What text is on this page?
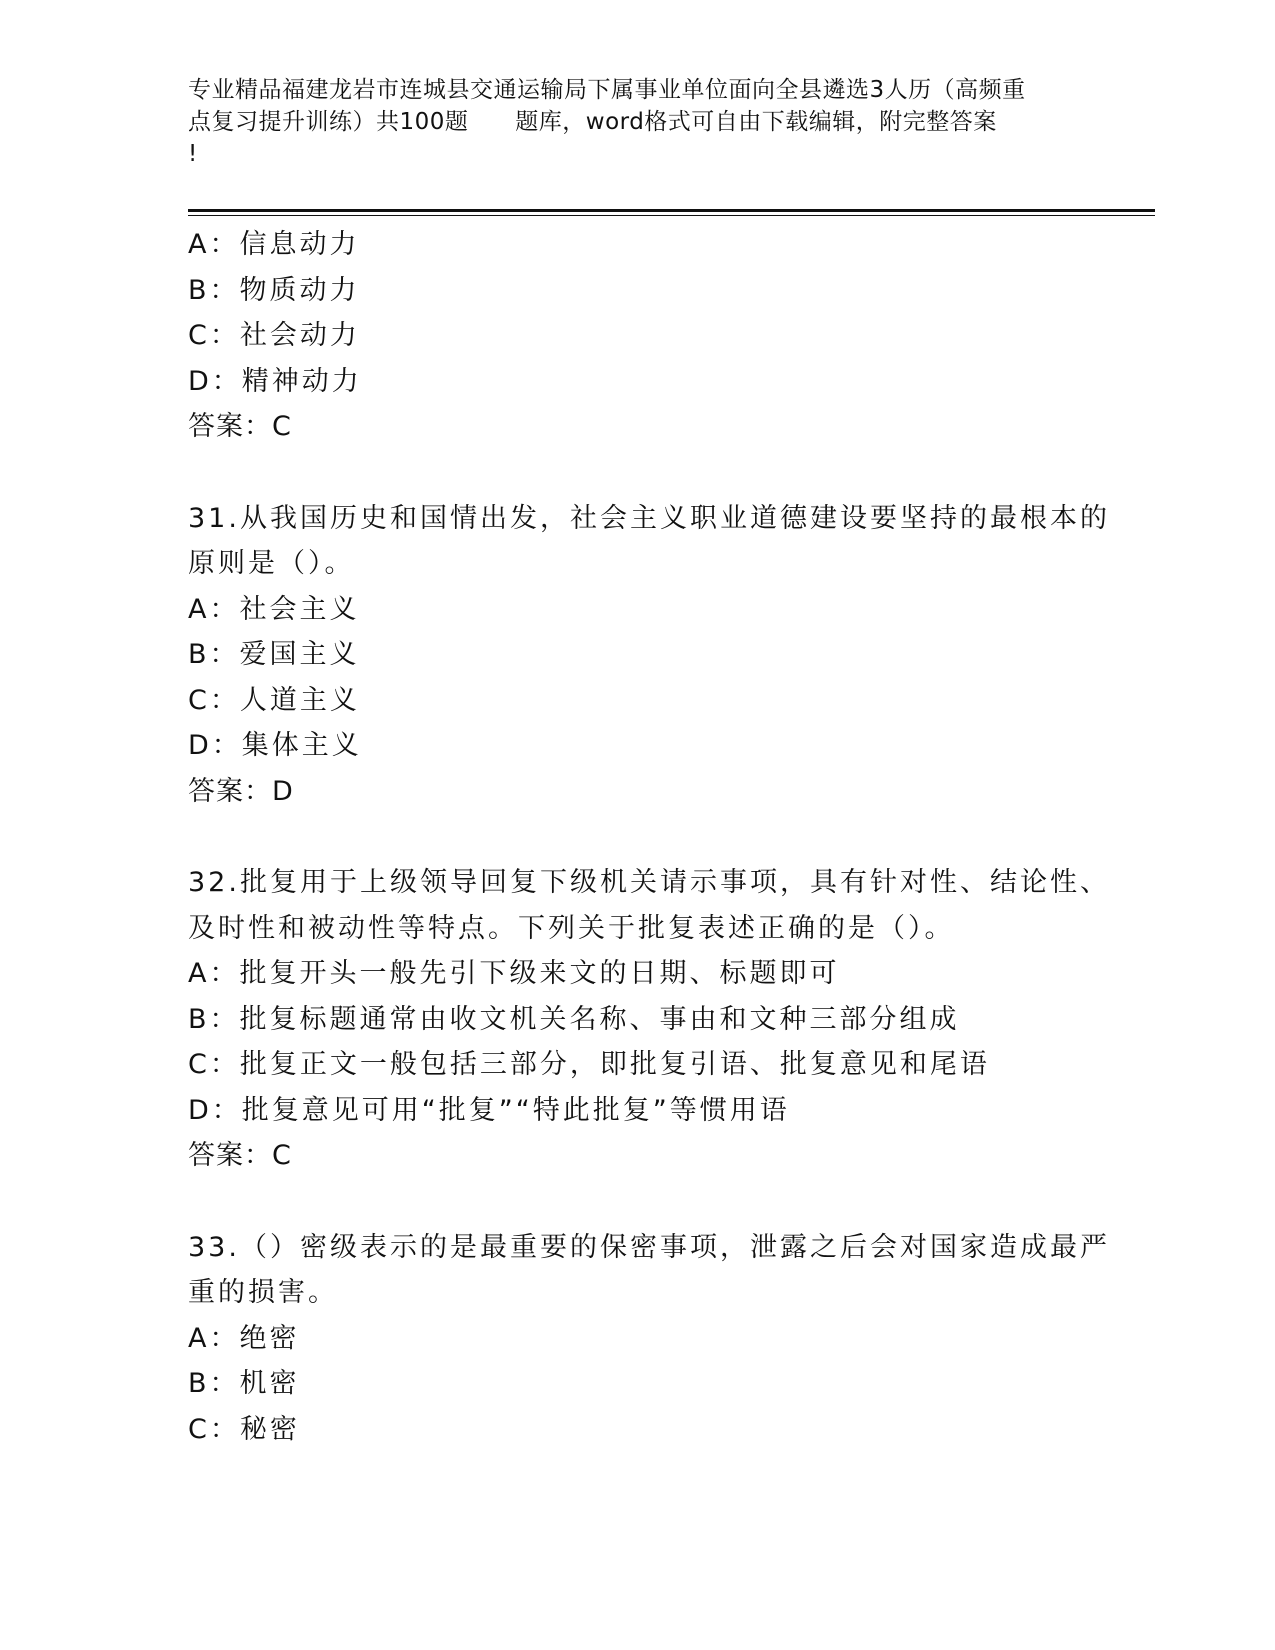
专业精品福建龙岩市连城县交通运输局下属事业单位面向全县遴选3人历（高频重
点复习提升训练）共100题      题库，word格式可自由下载编辑，附完整答案
!
A：信息动力
B：物质动力
C：社会动力
D：精神动力
答案：C
31.从我国历史和国情出发，社会主义职业道德建设要坚持的最根本的
原则是（）。
A：社会主义
B：爱国主义
C：人道主义
D：集体主义
答案：D
32.批复用于上级领导回复下级机关请示事项，具有针对性、结论性、
及时性和被动性等特点。下列关于批复表述正确的是（）。
A：批复开头一般先引下级来文的日期、标题即可
B：批复标题通常由收文机关名称、事由和文种三部分组成
C：批复正文一般包括三部分，即批复引语、批复意见和尾语
D：批复意见可用“批复”“特此批复”等惯用语
答案：C
33.（）密级表示的是最重要的保密事项，泄露之后会对国家造成最严
重的损害。
A：绝密
B：机密
C：秘密
